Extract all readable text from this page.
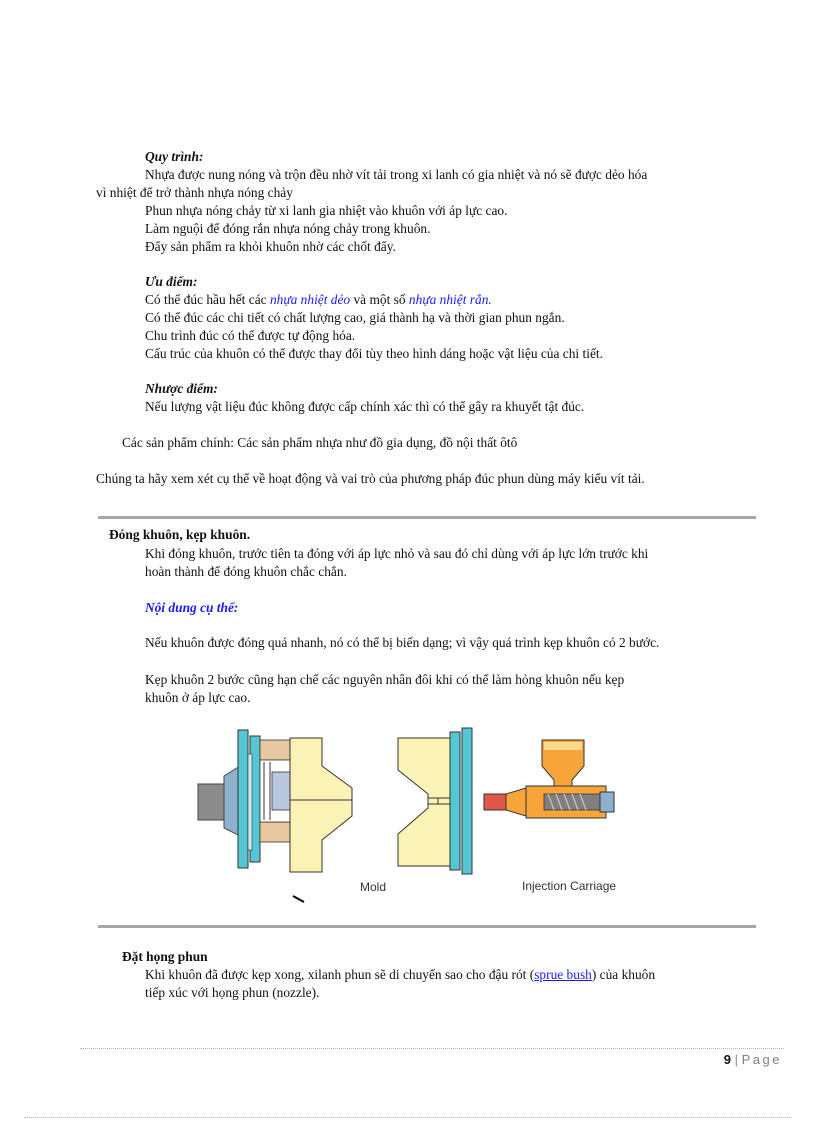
Quy trình:
Nhựa được nung nóng và trộn đều nhờ vít tải trong xi lanh có gia nhiệt và nó sẽ được dẻo hóa
vì nhiệt để trở thành nhựa nóng chảy
Phun nhựa nóng chảy từ xi lanh gia nhiệt vào khuôn với áp lực cao.
Làm nguội để đóng rắn nhựa nóng chảy trong khuôn.
Đẩy sản phẩm ra khỏi khuôn nhờ các chốt đẩy.
Ưu điểm:
Có thể đúc hầu hết các nhựa nhiệt dẻo và một số nhựa nhiệt rắn.
Có thể đúc các chi tiết có chất lượng cao, giá thành hạ và thời gian phun ngắn.
Chu trình đúc có thể được tự động hóa.
Cấu trúc của khuôn có thể được thay đổi tùy theo hình dáng hoặc vật liệu của chi tiết.
Nhược điểm:
Nếu lượng vật liệu đúc không được cấp chính xác thì có thể gây ra khuyết tật đúc.
Các sản phẩm chính: Các sản phẩm nhựa như đồ gia dụng, đồ nội thất ôtô
Chúng ta hãy xem xét cụ thể về hoạt động và vai trò của phương pháp đúc phun dùng máy kiểu vít tải.
Đóng khuôn, kẹp khuôn.
Khi đóng khuôn, trước tiên ta đóng với áp lực nhỏ và sau đó chỉ dùng với áp lực lớn trước khi
hoàn thành để đóng khuôn chắc chắn.
Nội dung cụ thể:
Nếu khuôn được đóng quá nhanh, nó có thể bị biến dạng; vì vậy quá trình kẹp khuôn có 2 bước.
Kẹp khuôn 2 bước cũng hạn chế các nguyên nhân đôi khi có thể làm hỏng khuôn nếu kẹp
khuôn ở áp lực cao.
Mold	Injection Carriage
Đặt họng phun
Khi khuôn đã được kẹp xong, xilanh phun sẽ di chuyển sao cho đậu rót (sprue bush) của khuôn
tiếp xúc với họng phun (nozzle).
9 | Page
